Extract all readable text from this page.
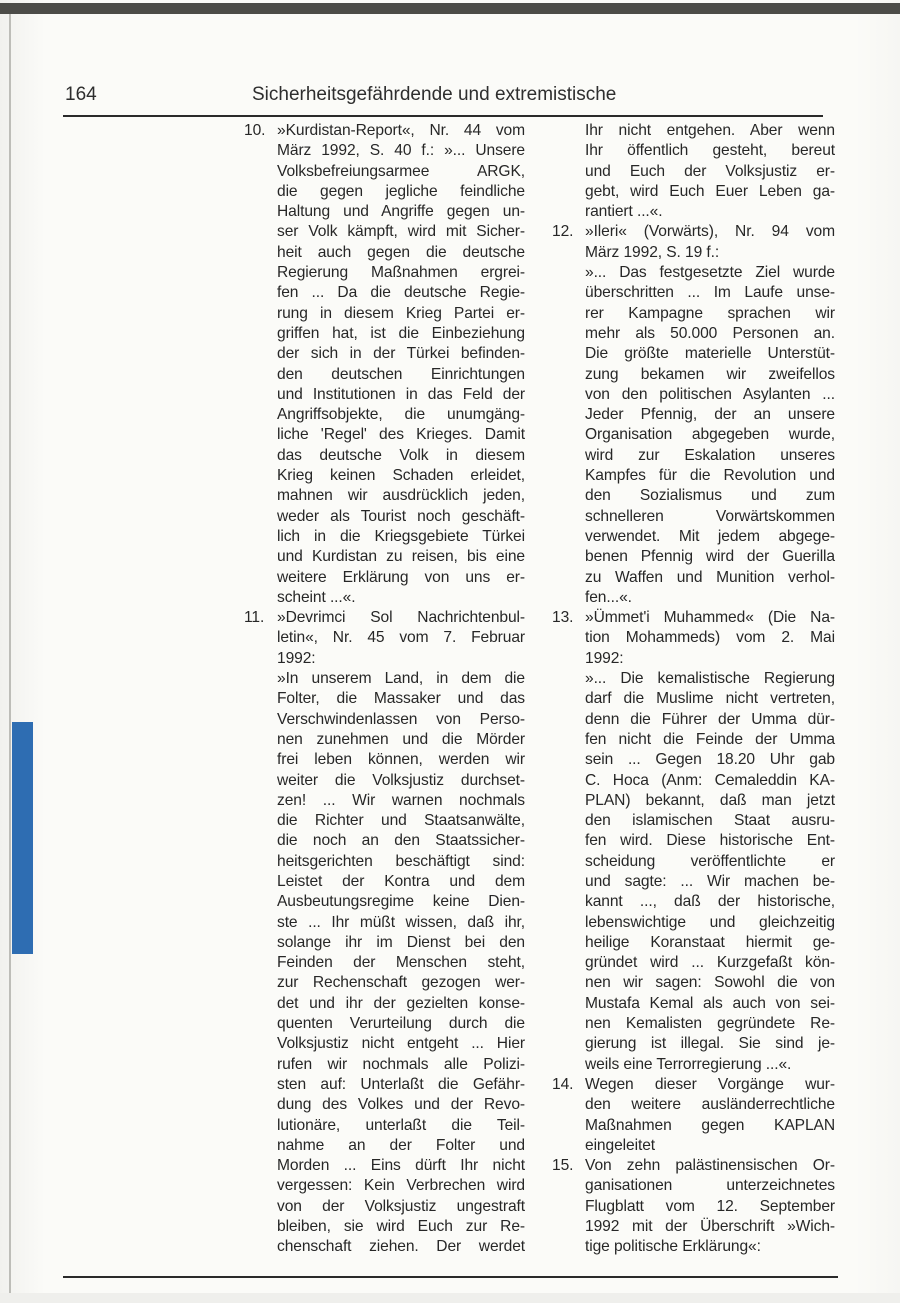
164	Sicherheitsgefährdende und extremistische
10. »Kurdistan-Report«, Nr. 44 vom
März 1992, S. 40 f.: »... Unsere
Volksbefreiungsarmee ARGK,
die gegen jegliche feindliche
Haltung und Angriffe gegen un-
ser Volk kämpft, wird mit Sicher-
heit auch gegen die deutsche
Regierung Maßnahmen ergrei-
fen ... Da die deutsche Regie-
rung in diesem Krieg Partei er-
griffen hat, ist die Einbeziehung
der sich in der Türkei befinden-
den deutschen Einrichtungen
und Institutionen in das Feld der
Angriffsobjekte, die unumgäng-
liche 'Regel' des Krieges. Damit
das deutsche Volk in diesem
Krieg keinen Schaden erleidet,
mahnen wir ausdrücklich jeden,
weder als Tourist noch geschäft-
lich in die Kriegsgebiete Türkei
und Kurdistan zu reisen, bis eine
weitere Erklärung von uns er-
scheint ...«.
11. »Devrimci Sol Nachrichtenbul-
letin«, Nr. 45 vom 7. Februar
1992:
»In unserem Land, in dem die
Folter, die Massaker und das
Verschwindenlassen von Perso-
nen zunehmen und die Mörder
frei leben können, werden wir
weiter die Volksjustiz durchset-
zen! ... Wir warnen nochmals
die Richter und Staatsanwälte,
die noch an den Staatssicher-
heitsgerichten beschäftigt sind:
Leistet der Kontra und dem
Ausbeutungsregime keine Dien-
ste ... Ihr müßt wissen, daß ihr,
solange ihr im Dienst bei den
Feinden der Menschen steht,
zur Rechenschaft gezogen wer-
det und ihr der gezielten konse-
quenten Verurteilung durch die
Volksjustiz nicht entgeht ... Hier
rufen wir nochmals alle Polizi-
sten auf: Unterlaßt die Gefähr-
dung des Volkes und der Revo-
lutionäre, unterlaßt die Teil-
nahme an der Folter und
Morden ... Eins dürft Ihr nicht
vergessen: Kein Verbrechen wird
von der Volksjustiz ungestraft
bleiben, sie wird Euch zur Re-
chenschaft ziehen. Der werdet
Ihr nicht entgehen. Aber wenn
Ihr öffentlich gesteht, bereut
und Euch der Volksjustiz er-
gebt, wird Euch Euer Leben ga-
rantiert ...«.
12. »Ileri« (Vorwärts), Nr. 94 vom
März 1992, S. 19 f.:
»... Das festgesetzte Ziel wurde
überschritten ... Im Laufe unse-
rer Kampagne sprachen wir
mehr als 50.000 Personen an.
Die größte materielle Unterstüt-
zung bekamen wir zweifellos
von den politischen Asylanten ...
Jeder Pfennig, der an unsere
Organisation abgegeben wurde,
wird zur Eskalation unseres
Kampfes für die Revolution und
den Sozialismus und zum
schnelleren Vorwärtskommen
verwendet. Mit jedem abgege-
benen Pfennig wird der Guerilla
zu Waffen und Munition verhol-
fen...«.
13. »Ümmet'i Muhammed« (Die Na-
tion Mohammeds) vom 2. Mai
1992:
»... Die kemalistische Regierung
darf die Muslime nicht vertreten,
denn die Führer der Umma dür-
fen nicht die Feinde der Umma
sein ... Gegen 18.20 Uhr gab
C. Hoca (Anm: Cemaleddin KA-
PLAN) bekannt, daß man jetzt
den islamischen Staat ausru-
fen wird. Diese historische Ent-
scheidung veröffentlichte er
und sagte: ... Wir machen be-
kannt ..., daß der historische,
lebenswichtige und gleichzeitig
heilige Koranstaat hiermit ge-
gründet wird ... Kurzgefaßt kön-
nen wir sagen: Sowohl die von
Mustafa Kemal als auch von sei-
nen Kemalisten gegründete Re-
gierung ist illegal. Sie sind je-
weils eine Terrorregierung ...«.
14. Wegen dieser Vorgänge wur-
den weitere ausländerrechtliche
Maßnahmen gegen KAPLAN
eingeleitet
15. Von zehn palästinensischen Or-
ganisationen unterzeichnetes
Flugblatt vom 12. September
1992 mit der Überschrift »Wich-
tige politische Erklärung«:
